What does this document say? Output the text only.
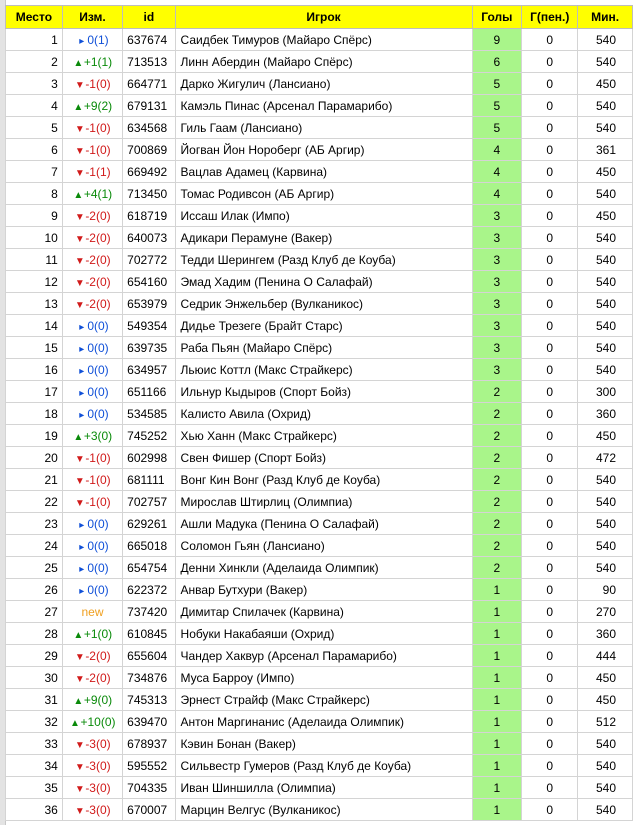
Место	Изм.	id	Игрок	Голы	Г(пен.)	Мин.
1	▸ 0(1)	637674	Саидбек Тимуров (Майаро Спёрс)	9	0	540
2	▲+1(1)	713513	Линн Абердин (Майаро Спёрс)	6	0	540
3	▼-1(0)	664771	Дарко Жигулич (Лансиано)	5	0	450
4	▲+9(2)	679131	Камэль Пинас (Арсенал Парамарибо)	5	0	540
5	▼-1(0)	634568	Гиль Гаам (Лансиано)	5	0	540
6	▼-1(0)	700869	Йогван Йон Нороберг (АБ Аргир)	4	0	361
7	▼-1(1)	669492	Вацлав Адамец (Карвина)	4	0	450
8	▲+4(1)	713450	Томас Родивсон (АБ Аргир)	4	0	540
9	▼-2(0)	618719	Иссаш Илак (Импо)	3	0	450
10	▼-2(0)	640073	Адикари Перамуне (Вакер)	3	0	540
11	▼-2(0)	702772	Тедди Шерингем (Разд Клуб де Коуба)	3	0	540
12	▼-2(0)	654160	Эмад Хадим (Пенина О Салафай)	3	0	540
13	▼-2(0)	653979	Седрик Энжельбер (Вулканикос)	3	0	540
14	▸ 0(0)	549354	Дидье Трезеге (Брайт Старс)	3	0	540
15	▸ 0(0)	639735	Раба Пьян (Майаро Спёрс)	3	0	540
16	▸ 0(0)	634957	Льюис Коттл (Макс Страйкерс)	3	0	540
17	▸ 0(0)	651166	Ильнур Кыдыров (Спорт Бойз)	2	0	300
18	▸ 0(0)	534585	Калисто Авила (Охрид)	2	0	360
19	▲+3(0)	745252	Хью Ханн (Макс Страйкерс)	2	0	450
20	▼-1(0)	602998	Свен Фишер (Спорт Бойз)	2	0	472
21	▼-1(0)	681111	Вонг Кин Вонг (Разд Клуб де Коуба)	2	0	540
22	▼-1(0)	702757	Мирослав Штирлиц (Олимпиа)	2	0	540
23	▸ 0(0)	629261	Ашли Мадука (Пенина О Салафай)	2	0	540
24	▸ 0(0)	665018	Соломон Гьян (Лансиано)	2	0	540
25	▸ 0(0)	654754	Денни Хинкли (Аделаида Олимпик)	2	0	540
26	▸ 0(0)	622372	Анвар Бутхури (Вакер)	1	0	90
27	new	737420	Димитар Спилачек (Карвина)	1	0	270
28	▲+1(0)	610845	Нобуки Накабаяши (Охрид)	1	0	360
29	▼-2(0)	655604	Чандер Хаквур (Арсенал Парамарибо)	1	0	444
30	▼-2(0)	734876	Муса Барроу (Импо)	1	0	450
31	▲+9(0)	745313	Эрнест Страйф (Макс Страйкерс)	1	0	450
32	▲+10(0)	639470	Антон Маргинанис (Аделаида Олимпик)	1	0	512
33	▼-3(0)	678937	Кэвин Бонан (Вакер)	1	0	540
34	▼-3(0)	595552	Сильвестр Гумеров (Разд Клуб де Коуба)	1	0	540
35	▼-3(0)	704335	Иван Шиншилла (Олимпиа)	1	0	540
36	▼-3(0)	670007	Марцин Велгус (Вулканикос)	1	0	540
